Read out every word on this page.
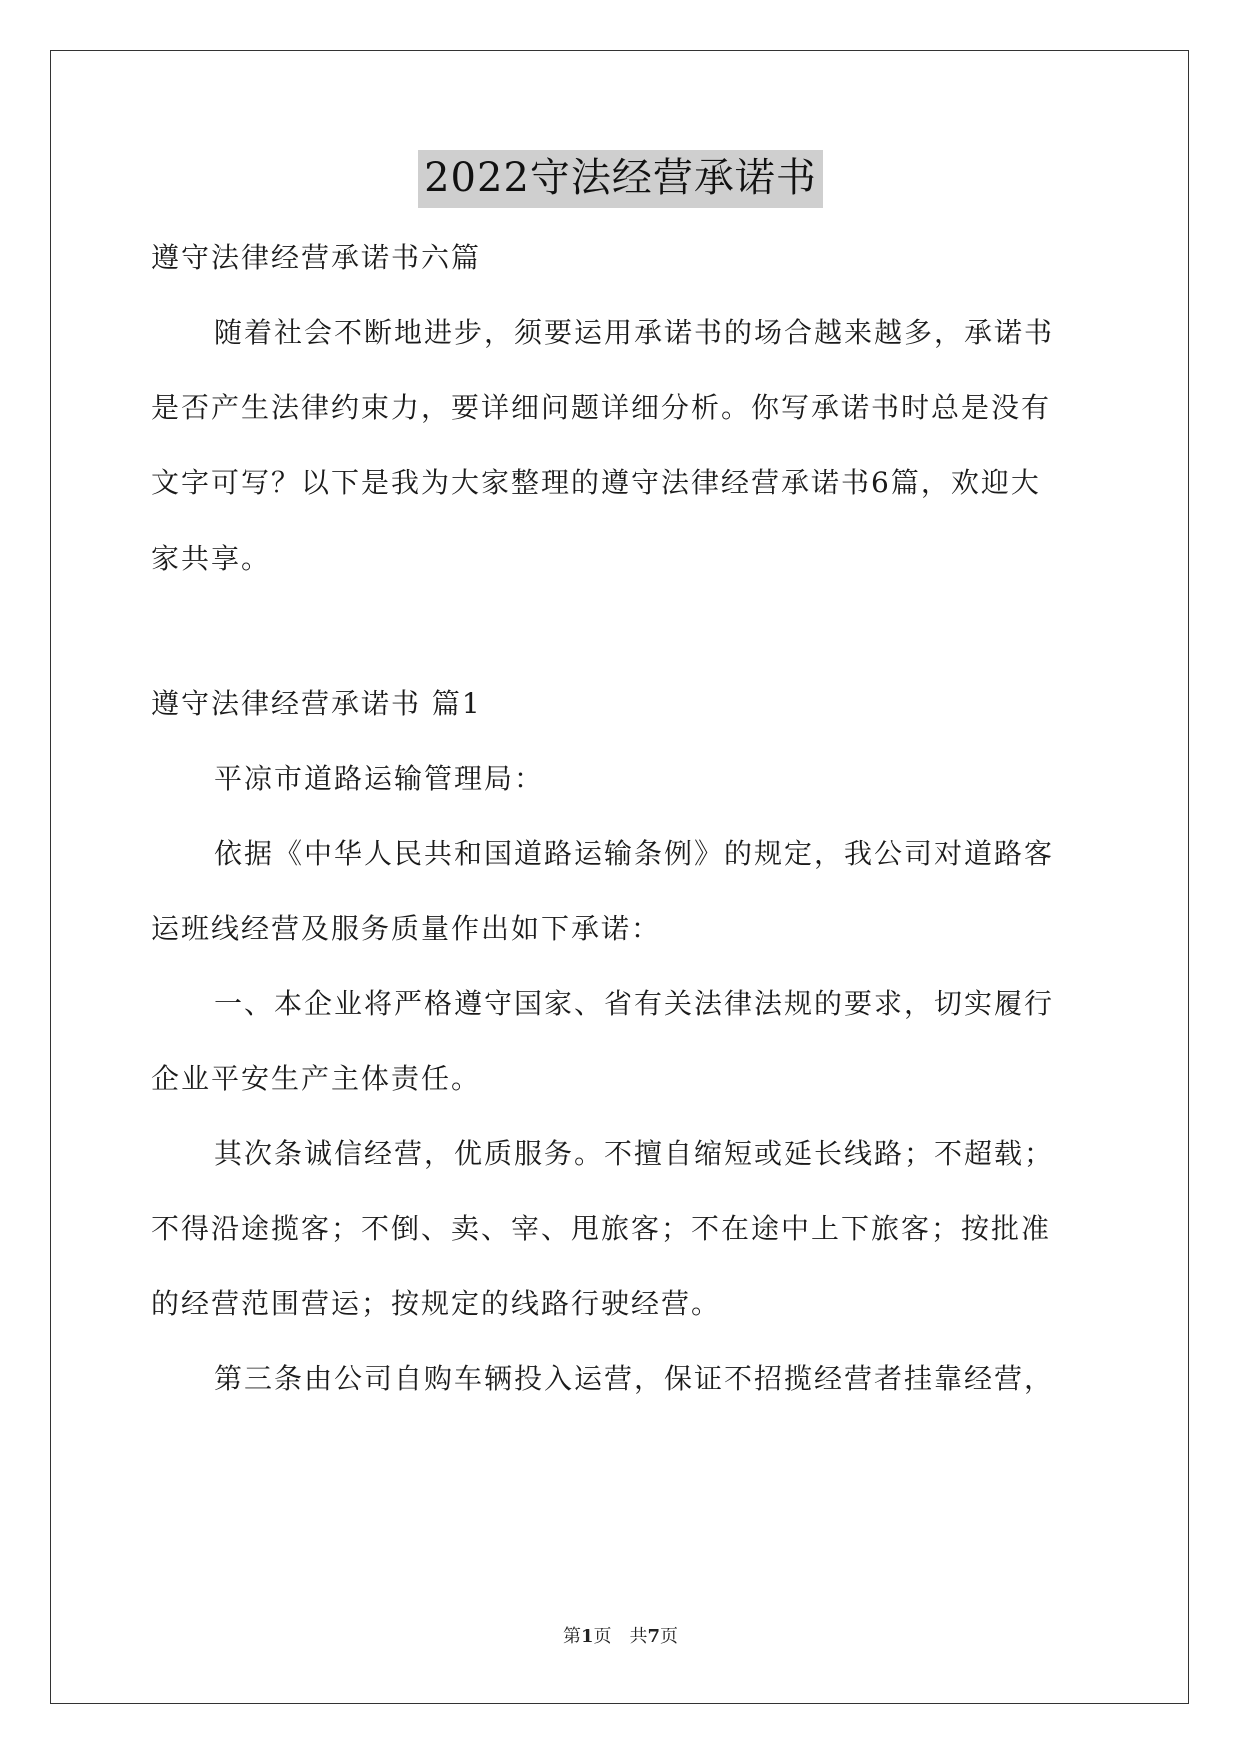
2022守法经营承诺书
遵守法律经营承诺书六篇
随着社会不断地进步，须要运用承诺书的场合越来越多，承诺书
是否产生法律约束力，要详细问题详细分析。你写承诺书时总是没有
文字可写？以下是我为大家整理的遵守法律经营承诺书6篇，欢迎大
家共享。
遵守法律经营承诺书 篇1
平凉市道路运输管理局：
依据《中华人民共和国道路运输条例》的规定，我公司对道路客
运班线经营及服务质量作出如下承诺：
一、本企业将严格遵守国家、省有关法律法规的要求，切实履行
企业平安生产主体责任。
其次条诚信经营，优质服务。不擅自缩短或延长线路；不超载；
不得沿途揽客；不倒、卖、宰、甩旅客；不在途中上下旅客；按批准
的经营范围营运；按规定的线路行驶经营。
第三条由公司自购车辆投入运营，保证不招揽经营者挂靠经营，
第1页　共7页
